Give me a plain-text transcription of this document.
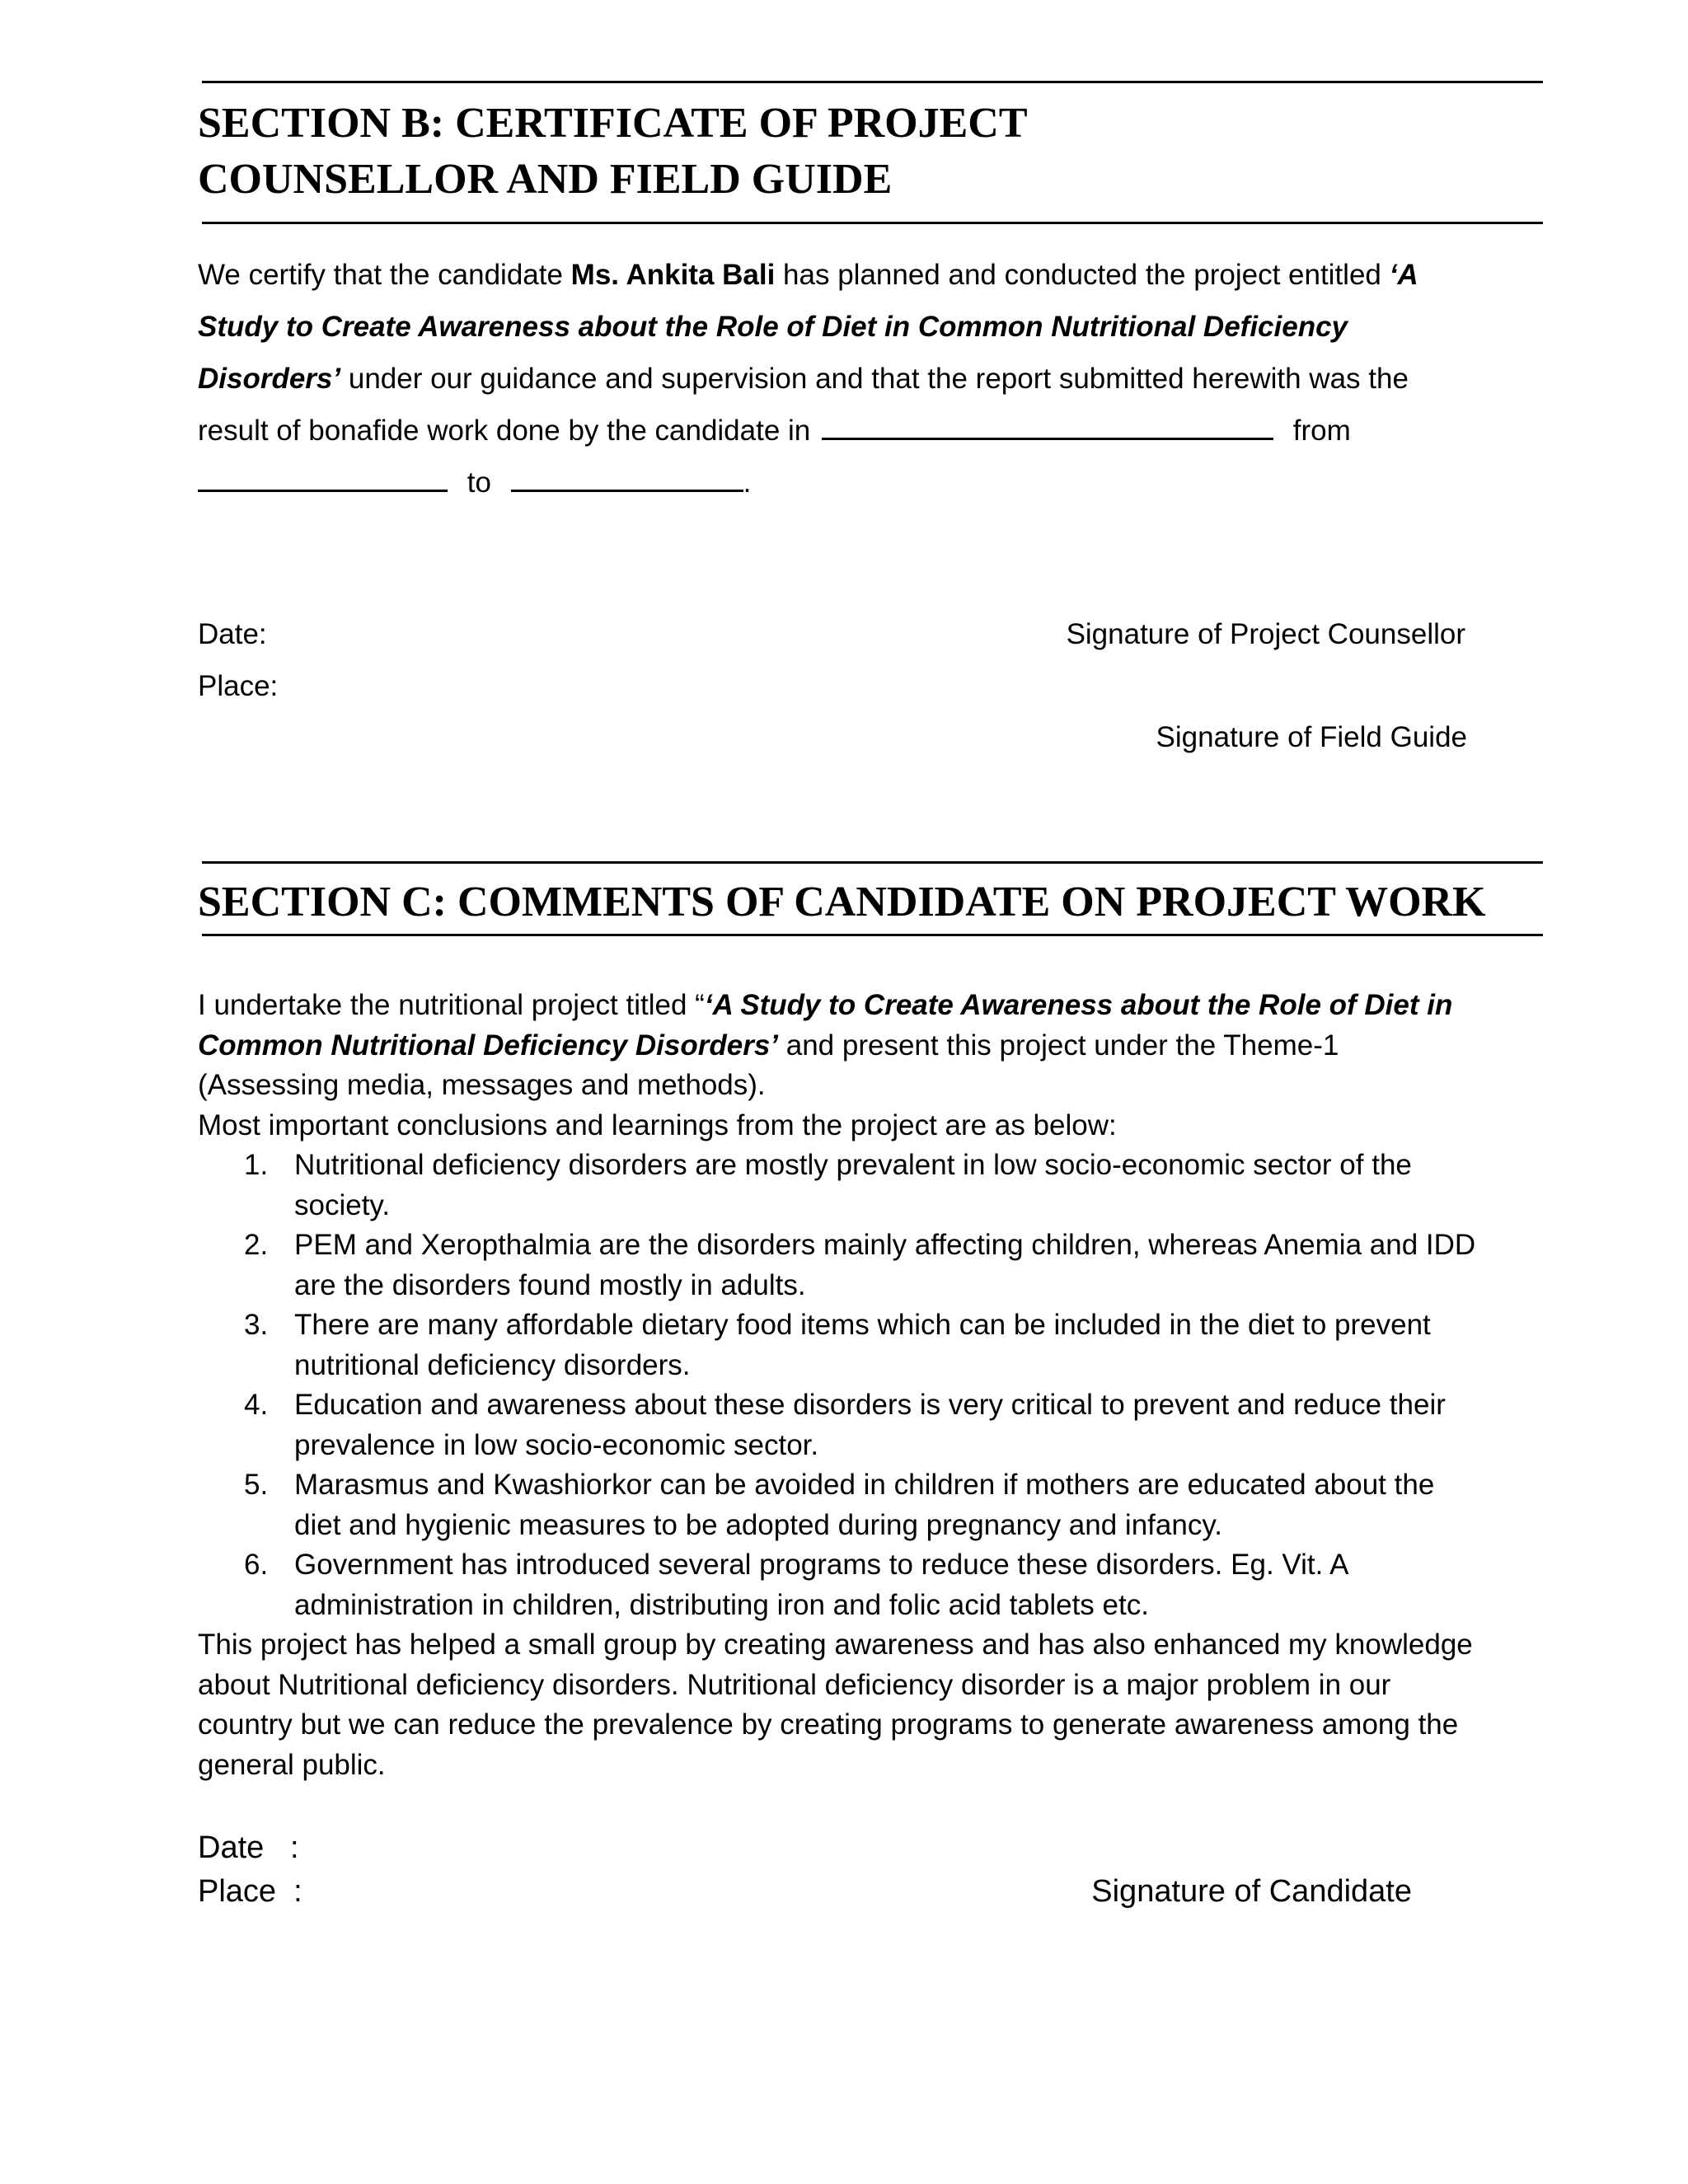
SECTION B: CERTIFICATE OF PROJECT
COUNSELLOR AND FIELD GUIDE
We certify that the candidate Ms. Ankita Bali has planned and conducted the project entitled ‘A Study to Create Awareness about the Role of Diet in Common Nutritional Deficiency Disorders’ under our guidance and supervision and that the report submitted herewith was the result of bonafide work done by the candidate in	from
to	.
Date:	Signature of Project Counsellor
Place:
Signature of Field Guide
SECTION C: COMMENTS OF CANDIDATE ON PROJECT WORK
I undertake the nutritional project titled “‘A Study to Create Awareness about the Role of Diet in Common Nutritional Deficiency Disorders’ and present this project under the Theme-1 (Assessing media, messages and methods).
Most important conclusions and learnings from the project are as below:
1. Nutritional deficiency disorders are mostly prevalent in low socio-economic sector of the society.
2. PEM and Xeropthalmia are the disorders mainly affecting children, whereas Anemia and IDD are the disorders found mostly in adults.
3. There are many affordable dietary food items which can be included in the diet to prevent nutritional deficiency disorders.
4. Education and awareness about these disorders is very critical to prevent and reduce their prevalence in low socio-economic sector.
5. Marasmus and Kwashiorkor can be avoided in children if mothers are educated about the diet and hygienic measures to be adopted during pregnancy and infancy.
6. Government has introduced several programs to reduce these disorders. Eg. Vit. A administration in children, distributing iron and folic acid tablets etc.
This project has helped a small group by creating awareness and has also enhanced my knowledge about Nutritional deficiency disorders. Nutritional deficiency disorder is a major problem in our country but we can reduce the prevalence by creating programs to generate awareness among the general public.
Date   :
Place  :	Signature of Candidate
